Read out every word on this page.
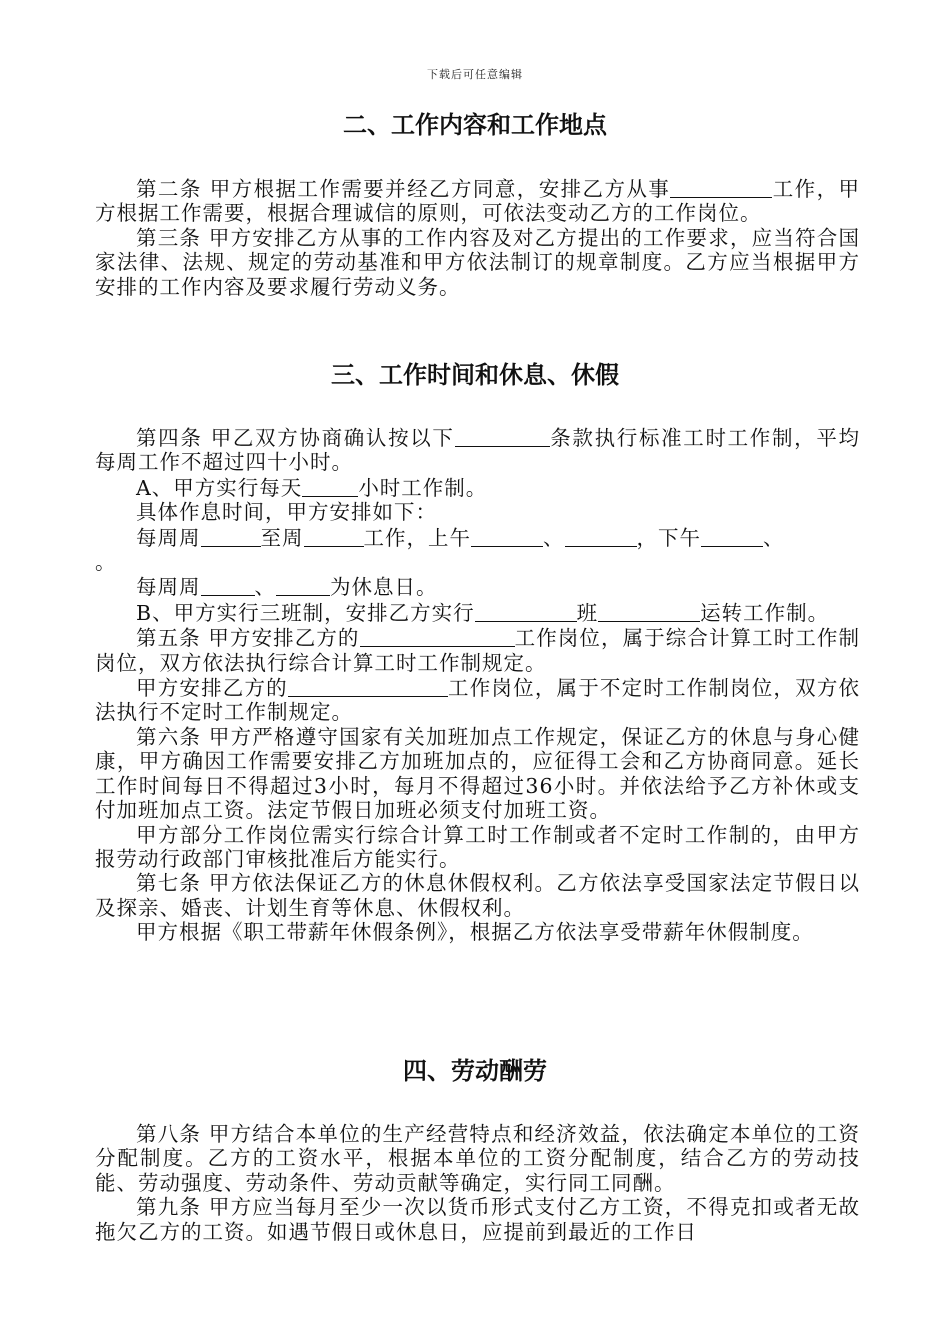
下载后可任意编辑
二、工作内容和工作地点

第二条 甲方根据工作需要并经乙方同意，安排乙方从事	工作，甲方根据工作需要，根据合理诚信的原则，可依法变动乙方的工作岗位。

第三条 甲方安排乙方从事的工作内容及对乙方提出的工作要求，应当符合国家法律、法规、规定的劳动基准和甲方依法制订的规章制度。乙方应当根据甲方安排的工作内容及要求履行劳动义务。

三、工作时间和休息、休假

第四条 甲乙双方协商确认按以下	条款执行标准工时工作制，平均每周工作不超过四十小时。

A、甲方实行每天	小时工作制。

具体作息时间，甲方安排如下：

每周周	至周	工作，上午	、	，下午	、

。

每周周	、	为休息日。

B、甲方实行三班制，安排乙方实行	班	运转工作制。

第五条 甲方安排乙方的	工作岗位，属于综合计算工时工作制岗位，双方依法执行综合计算工时工作制规定。

甲方安排乙方的	工作岗位，属于不定时工作制岗位，双方依法执行不定时工作制规定。

第六条 甲方严格遵守国家有关加班加点工作规定，保证乙方的休息与身心健康，甲方确因工作需要安排乙方加班加点的，应征得工会和乙方协商同意。延长工作时间每日不得超过3小时，每月不得超过36小时。并依法给予乙方补休或支付加班加点工资。法定节假日加班必须支付加班工资。

甲方部分工作岗位需实行综合计算工时工作制或者不定时工作制的，由甲方报劳动行政部门审核批准后方能实行。

第七条 甲方依法保证乙方的休息休假权利。乙方依法享受国家法定节假日以及探亲、婚丧、计划生育等休息、休假权利。

甲方根据《职工带薪年休假条例》，根据乙方依法享受带薪年休假制度。

四、劳动酬劳

第八条 甲方结合本单位的生产经营特点和经济效益，依法确定本单位的工资分配制度。乙方的工资水平，根据本单位的工资分配制度，结合乙方的劳动技能、劳动强度、劳动条件、劳动贡献等确定，实行同工同酬。

第九条 甲方应当每月至少一次以货币形式支付乙方工资，不得克扣或者无故拖欠乙方的工资。如遇节假日或休息日，应提前到最近的工作日
